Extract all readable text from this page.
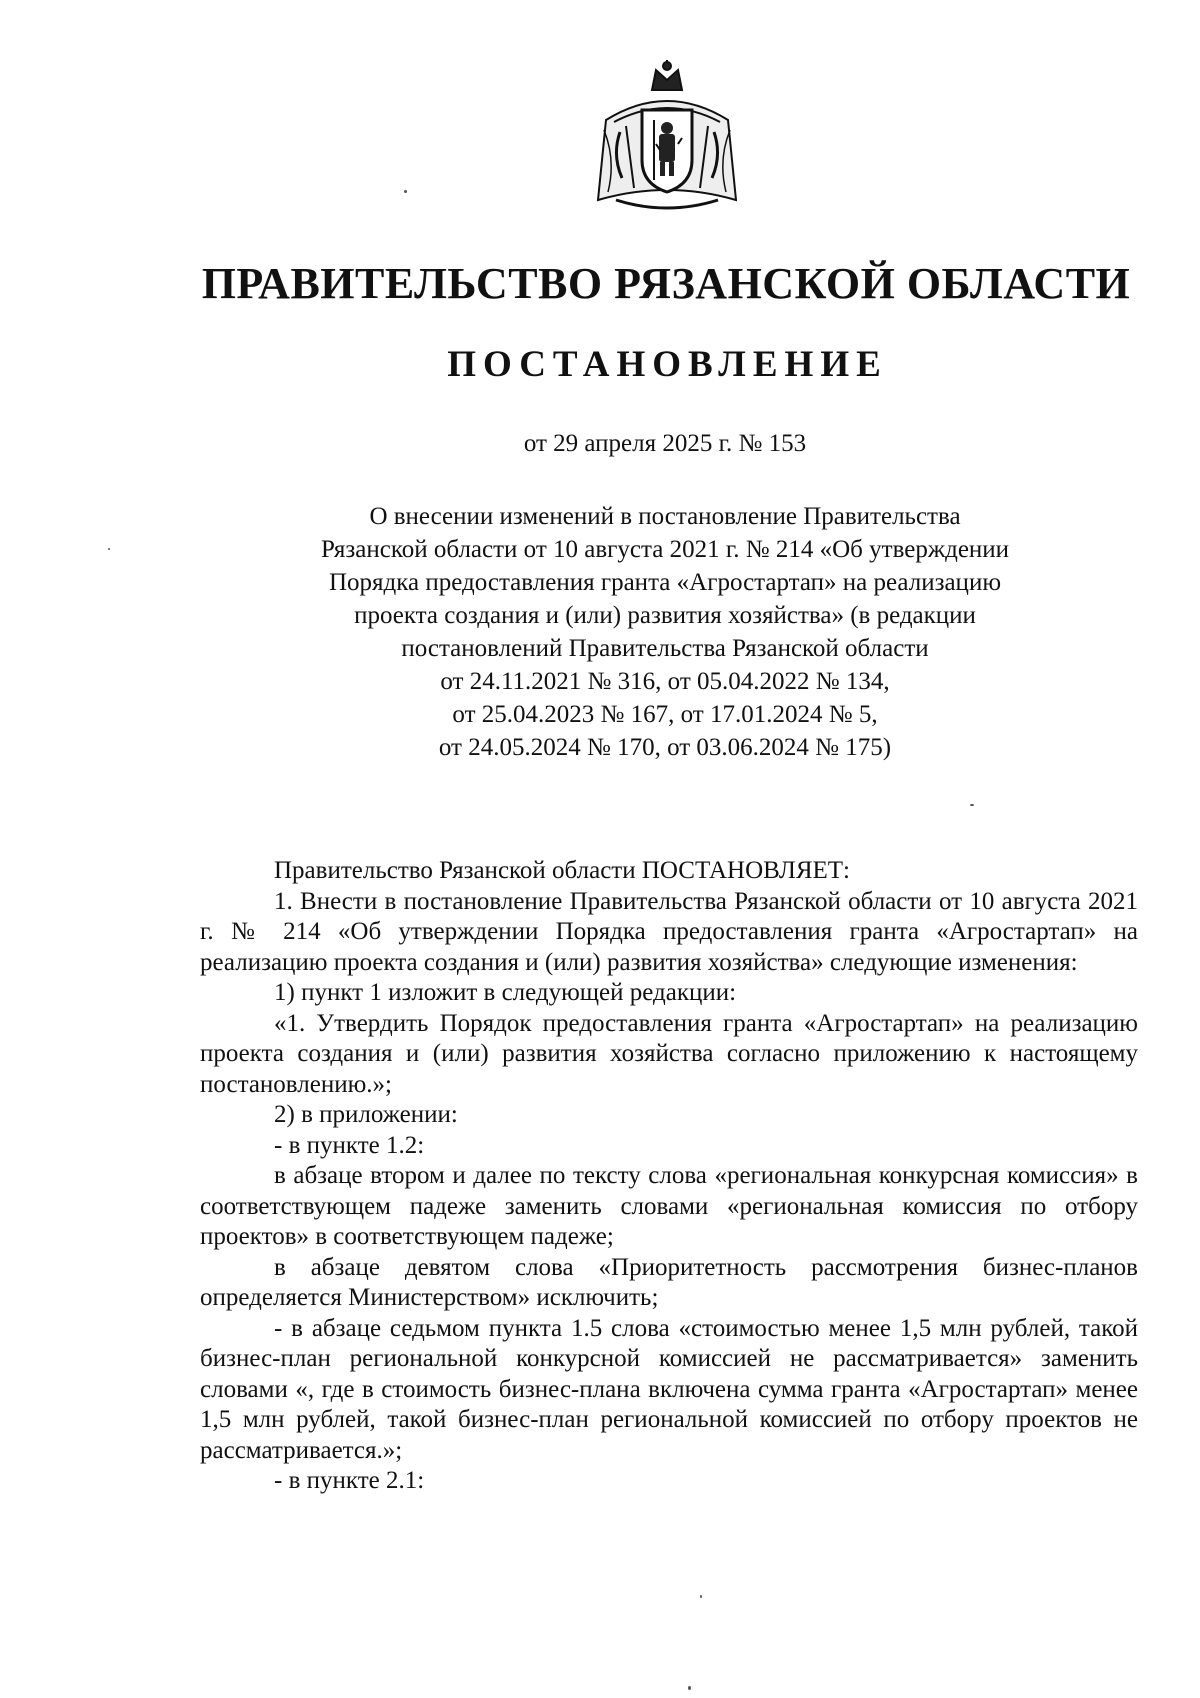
ПРАВИТЕЛЬСТВО РЯЗАНСКОЙ ОБЛАСТИ
ПОСТАНОВЛЕНИЕ
от 29 апреля 2025 г. № 153
О внесении изменений в постановление Правительства
Рязанской области от 10 августа 2021 г. № 214 «Об утверждении
Порядка предоставления гранта «Агростартап» на реализацию
проекта создания и (или) развития хозяйства» (в редакции
постановлений Правительства Рязанской области
от 24.11.2021 № 316, от 05.04.2022 № 134,
от 25.04.2023 № 167, от 17.01.2024 № 5,
от 24.05.2024 № 170, от 03.06.2024 № 175)

Правительство Рязанской области ПОСТАНОВЛЯЕТ:

1. Внести в постановление Правительства Рязанской области от 10 августа 2021 г. № 214 «Об утверждении Порядка предоставления гранта «Агростартап» на реализацию проекта создания и (или) развития хозяйства» следующие изменения:

1) пункт 1 изложит в следующей редакции:

«1. Утвердить Порядок предоставления гранта «Агростартап» на реализацию проекта создания и (или) развития хозяйства согласно приложению к настоящему постановлению.»;

2) в приложении:

- в пункте 1.2:

в абзаце втором и далее по тексту слова «региональная конкурсная комиссия» в соответствующем падеже заменить словами «региональная комиссия по отбору проектов» в соответствующем падеже;

в абзаце девятом слова «Приоритетность рассмотрения бизнес-планов определяется Министерством» исключить;

- в абзаце седьмом пункта 1.5 слова «стоимостью менее 1,5 млн рублей, такой бизнес-план региональной конкурсной комиссией не рассматривается» заменить словами «, где в стоимость бизнес-плана включена сумма гранта «Агростартап» менее 1,5 млн рублей, такой бизнес-план региональной комиссией по отбору проектов не рассматривается.»;

- в пункте 2.1:
